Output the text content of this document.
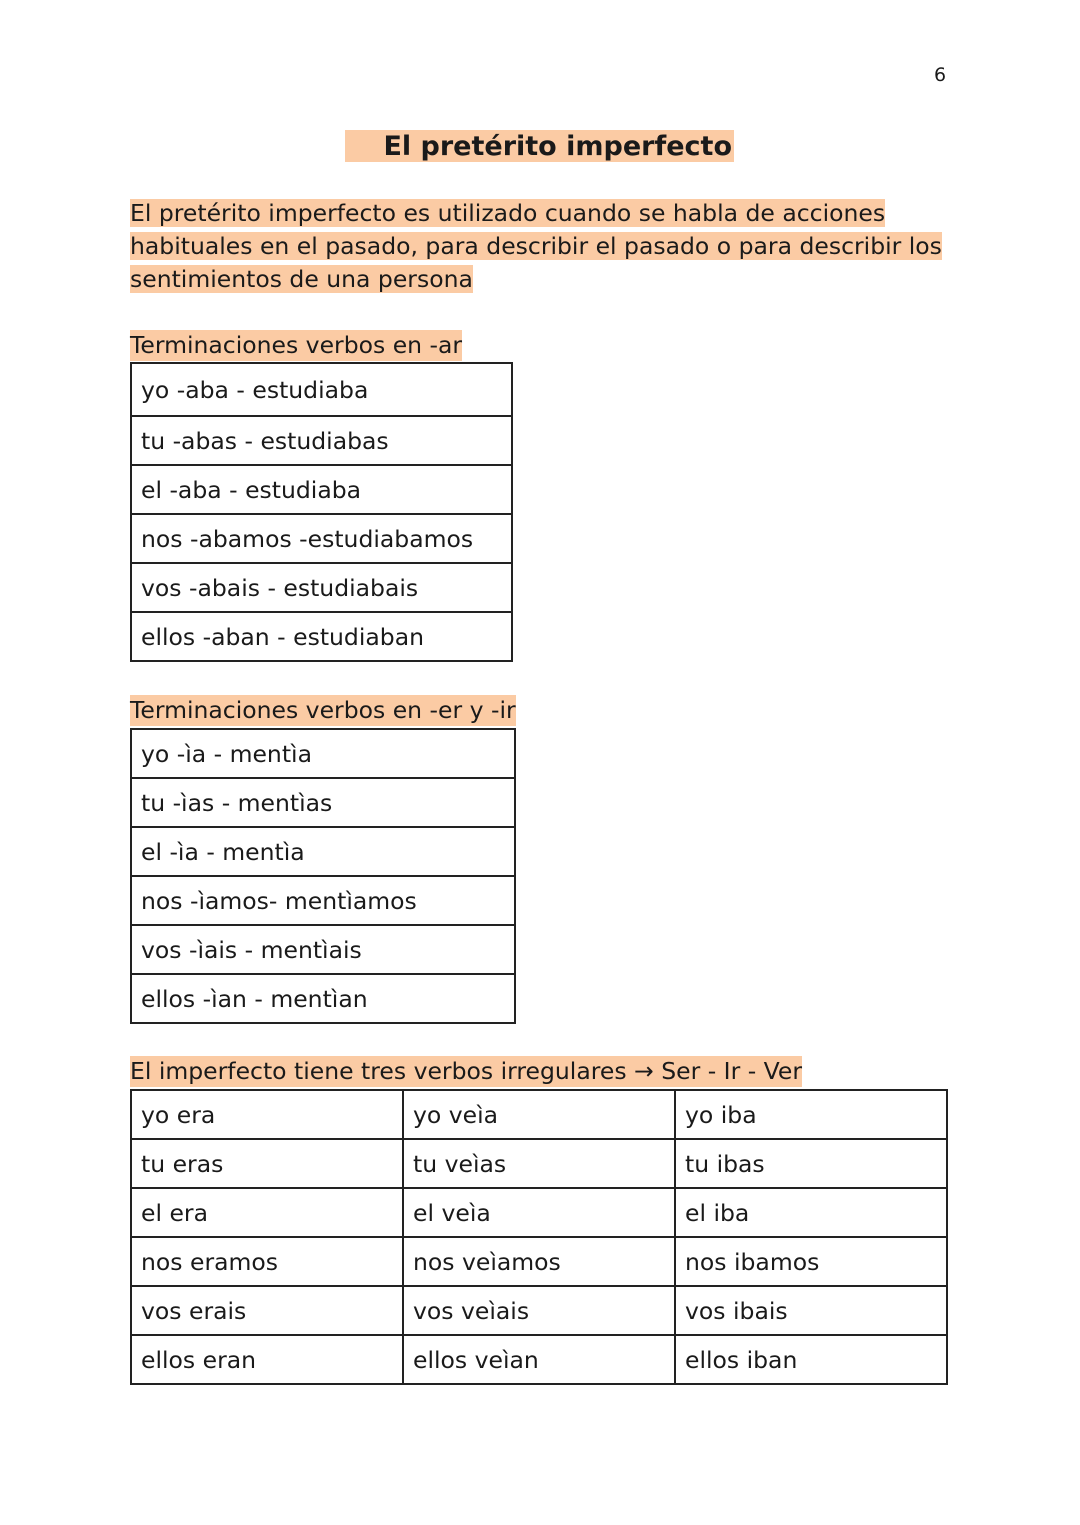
6
El pretérito imperfecto

El pretérito imperfecto es utilizado cuando se habla de acciones habituales en el pasado, para describir el pasado o para describir los sentimientos de una persona

Terminaciones verbos en -ar
yo -aba - estudiaba
tu -abas - estudiabas
el -aba - estudiaba
nos -abamos -estudiabamos
vos -abais - estudiabais
ellos -aban - estudiaban
Terminaciones verbos en -er y -ir
yo -ìa - mentìa
tu -ìas - mentìas
el -ìa - mentìa
nos -ìamos- mentìamos
vos -ìais - mentìais
ellos -ìan - mentìan
El imperfecto tiene tres verbos irregulares → Ser - Ir - Ver
yo era	yo veìa	yo iba
tu eras	tu veìas	tu ibas
el era	el veìa	el iba
nos eramos	nos veìamos	nos ibamos
vos erais	vos veìais	vos ibais
ellos eran	ellos veìan	ellos iban
